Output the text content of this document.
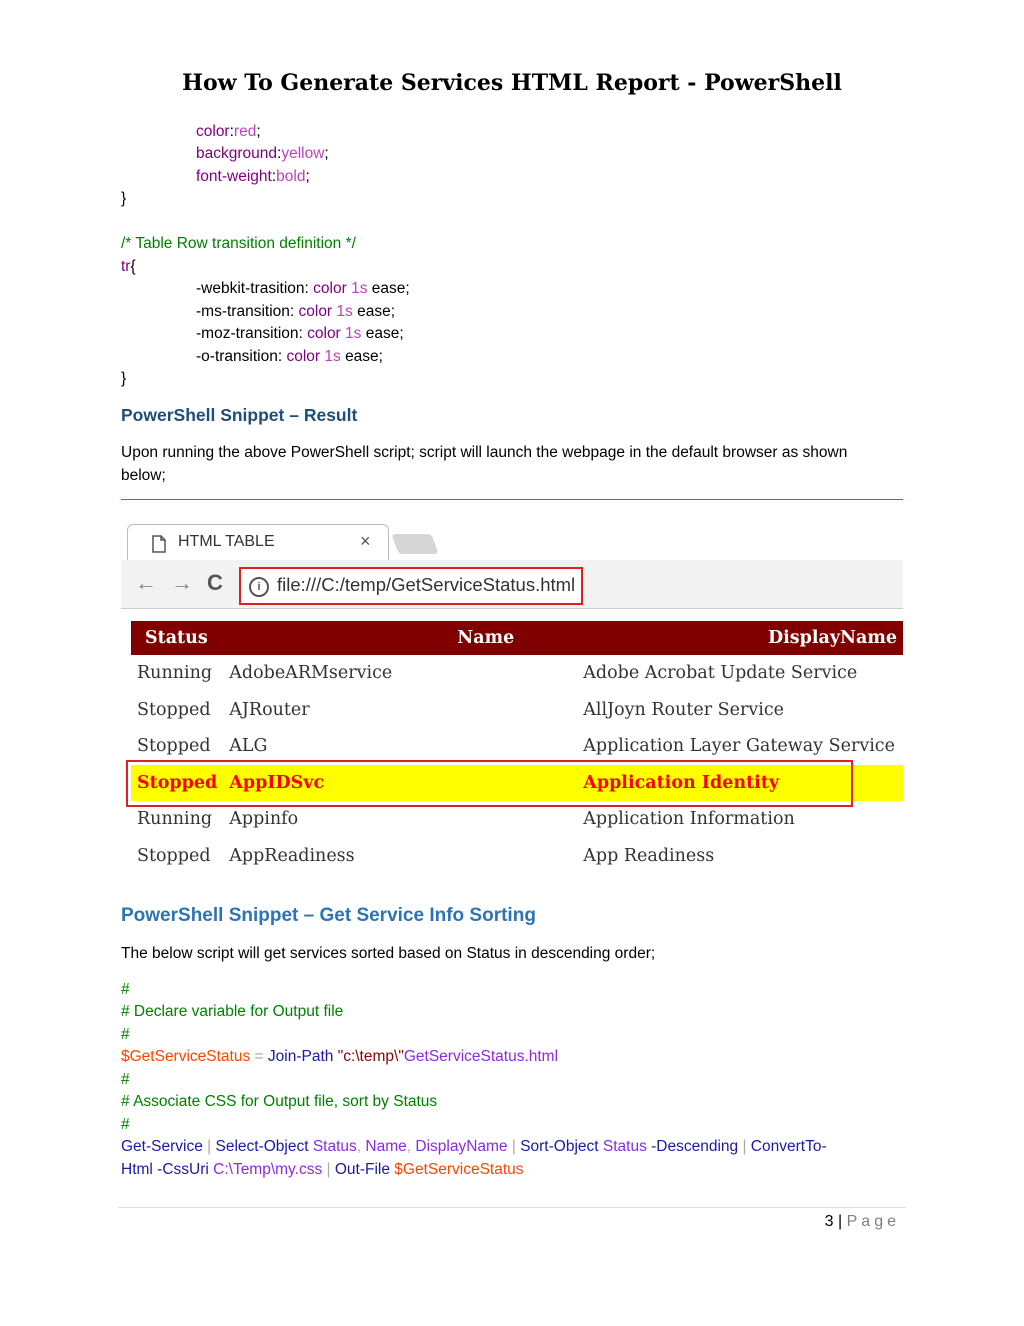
How To Generate Services HTML Report - PowerShell
color:red;
background:yellow;
font-weight:bold;
}
/* Table Row transition definition */
tr{
-webkit-trasition: color 1s ease;
-ms-transition: color 1s ease;
-moz-transition: color 1s ease;
-o-transition: color 1s ease;
}
PowerShell Snippet – Result
Upon running the above PowerShell script; script will launch the webpage in the default browser as shown
below;
HTML TABLE	×
← → C	i file:///C:/temp/GetServiceStatus.html
Status	Name	DisplayName
Running	AdobeARMservice	Adobe Acrobat Update Service
Stopped	AJRouter	AllJoyn Router Service
Stopped	ALG	Application Layer Gateway Service
Stopped	AppIDSvc	Application Identity
Running	Appinfo	Application Information
Stopped	AppReadiness	App Readiness
PowerShell Snippet – Get Service Info Sorting
The below script will get services sorted based on Status in descending order;
#
# Declare variable for Output file
#
$GetServiceStatus = Join-Path "c:\temp\"GetServiceStatus.html
#
# Associate CSS for Output file, sort by Status
#
Get-Service | Select-Object Status, Name, DisplayName | Sort-Object Status -Descending | ConvertTo-
Html -CssUri C:\Temp\my.css | Out-File $GetServiceStatus
3 | Page
